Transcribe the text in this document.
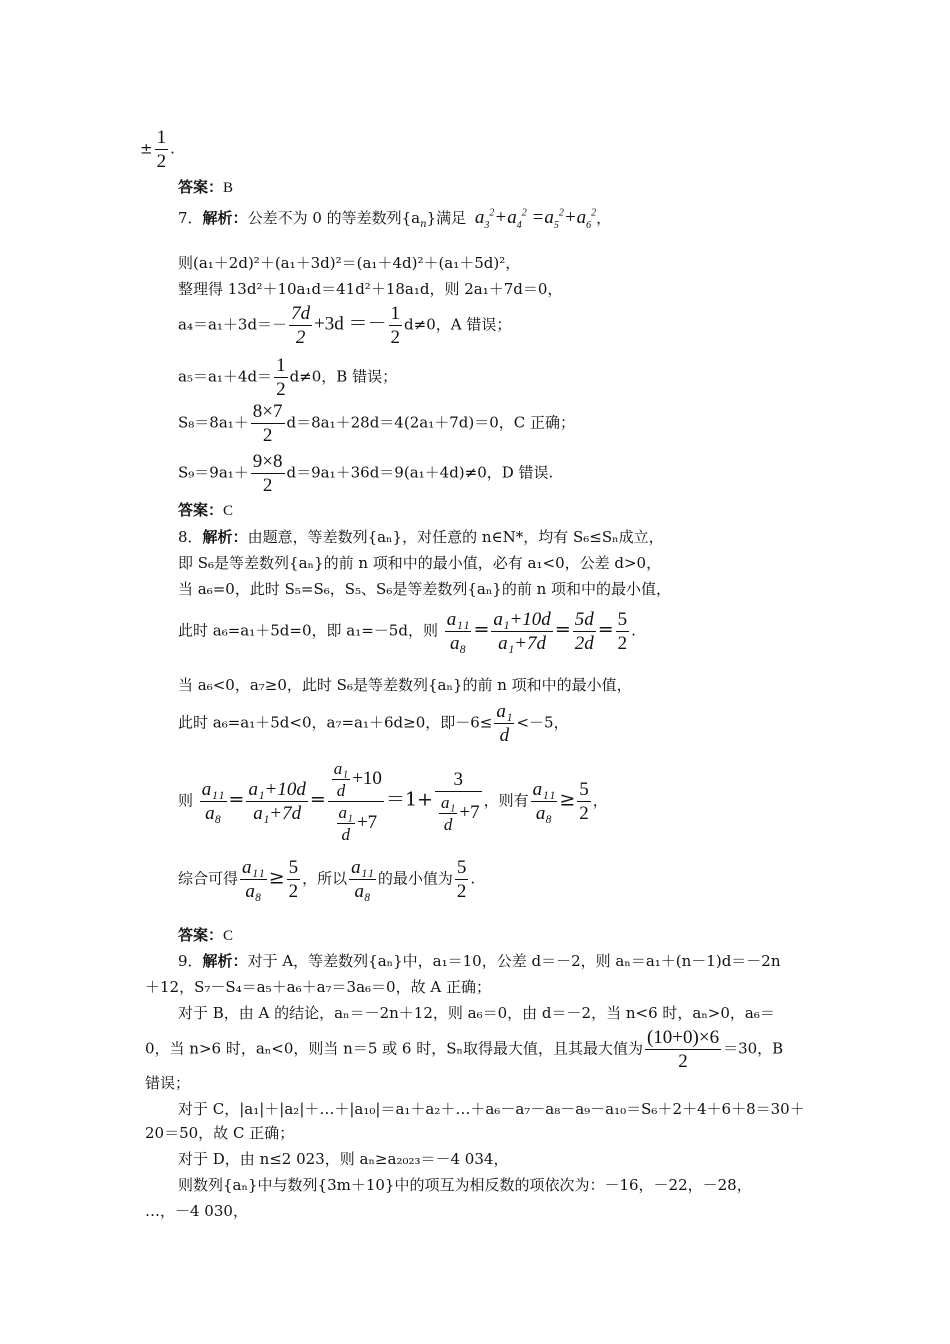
± $\frac{1}{2}$ .
答案：B
7．解析：公差不为 0 的等差数列$\{a_n\}$满足 $a_3^2+a_4^2 =a_5^2+a_6^2$，
则(a₁＋2d)²＋(a₁＋3d)²＝(a₁＋4d)²＋(a₁＋5d)²，
整理得 13d²＋10a₁d＝41d²＋18a₁d，则 2a₁＋7d＝0，
$a_4=a_1+3d=- \frac{7d}{2} +3d =- \frac{1}{2} d\ne 0$，A 错误；
$a_5=a_1+4d= \frac{1}{2} d\ne 0$，B 错误；
$S_8=8a_1+ \frac{8\times 7}{2} d=8a_1+28d=4(2a_1+7d)=0$，C 正确；
$S_9=9a_1+ \frac{9\times 8}{2} d=9a_1+36d=9(a_1+4d)\ne 0$，D 错误.
答案：C
8．解析：由题意，等差数列{aₙ}，对任意的 n∈N*，均有 S₆≤Sₙ成立，
即 S₆是等差数列{aₙ}的前 n 项和中的最小值，必有 a₁<0，公差 d>0，
当 a₆=0，此时 S₅=S₆，S₅、S₆是等差数列{aₙ}的前 n 项和中的最小值，
此时 a₆=a₁＋5d=0，即 a₁=－5d，则 $\frac{\text{a₁₁}}{\text{a₈}} = \frac{\text{a₁+10d}}{\text{a₁+7d}} = \frac{5d}{2d} = \frac{5}{2}$ .
当 a₆<0，a₇≥0，此时 S₆是等差数列{aₙ}的前 n 项和中的最小值，
此时 a₆=a₁＋5d<0，a₇=a₁＋6d≥0，即$-6\le \frac{\text{a₁}}{d} <-5$，
则 $\frac{\text{a₁₁}}{\text{a₈}} = \frac{\text{a₁+10d}}{\text{a₁+7d}} = \frac{\frac{\text{a₁}}{d} +10}{\frac{\text{a₁}}{d} +7} =1+ \frac{3}{\frac{\text{a₁}}{d} +7}$ ，则有 $\frac{\text{a₁₁}}{\text{a₈}} \ge \frac{5}{2}$ ，
综合可得 $\frac{\text{a₁₁}}{\text{a₈}} \ge \frac{5}{2}$ ，所以 $\frac{\text{a₁₁}}{\text{a₈}}$ 的最小值为 $\frac{5}{2}$ .
答案：C
9．解析：对于 A，等差数列{aₙ}中，a₁＝10，公差 d＝－2，则 aₙ＝a₁＋(n－1)d＝－2n
＋12，S₇－S₄＝a₅＋a₆＋a₇＝3a₆＝0，故 A 正确；
对于 B，由 A 的结论，aₙ＝－2n＋12，则 a₆＝0，由 d＝－2，当 n<6 时，aₙ>0，a₆＝
0，当 n>6 时，aₙ<0，则当 n＝5 或 6 时，Sₙ取得最大值，且其最大值为 $\frac{(10+0)\times 6}{2} =30$，B
错误；
对于 C，|a₁|＋|a₂|＋…＋|a₁₀|＝a₁＋a₂＋…＋a₆－a₇－a₈－a₉－a₁₀＝S₆＋2＋4＋6＋8＝30＋
20＝50，故 C 正确；
对于 D，由 n≤2 023，则 aₙ≥a₂₀₂₃＝－4 034，
则数列{aₙ}中与数列{3m＋10}中的项互为相反数的项依次为：－16，－22，－28，
…，－4 030，
